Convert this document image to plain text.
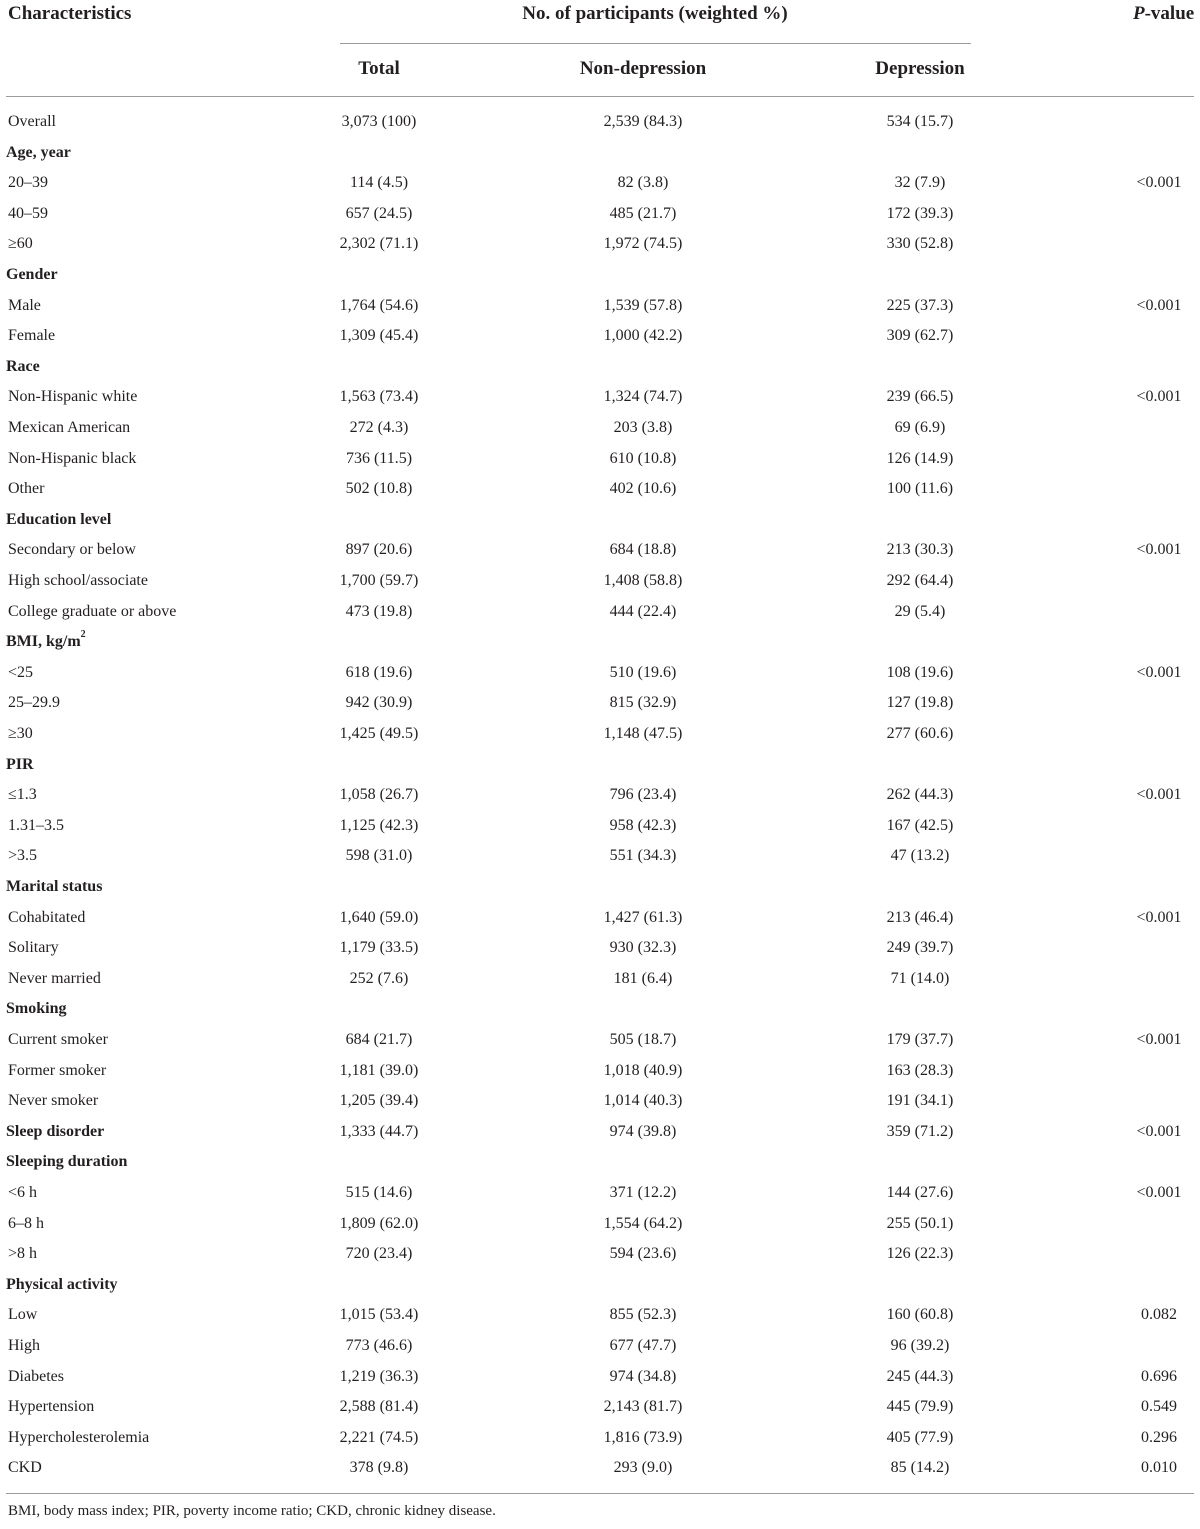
Characteristics	No. of participants (weighted %)	P-value
Total	Non-depression	Depression
Overall	3,073 (100)	2,539 (84.3)	534 (15.7)
Age, year
20–39	114 (4.5)	82 (3.8)	32 (7.9)	<0.001
40–59	657 (24.5)	485 (21.7)	172 (39.3)
≥60	2,302 (71.1)	1,972 (74.5)	330 (52.8)
Gender
Male	1,764 (54.6)	1,539 (57.8)	225 (37.3)	<0.001
Female	1,309 (45.4)	1,000 (42.2)	309 (62.7)
Race
Non-Hispanic white	1,563 (73.4)	1,324 (74.7)	239 (66.5)	<0.001
Mexican American	272 (4.3)	203 (3.8)	69 (6.9)
Non-Hispanic black	736 (11.5)	610 (10.8)	126 (14.9)
Other	502 (10.8)	402 (10.6)	100 (11.6)
Education level
Secondary or below	897 (20.6)	684 (18.8)	213 (30.3)	<0.001
High school/associate	1,700 (59.7)	1,408 (58.8)	292 (64.4)
College graduate or above	473 (19.8)	444 (22.4)	29 (5.4)
BMI, $kg/m^2$
<25	618 (19.6)	510 (19.6)	108 (19.6)	<0.001
25–29.9	942 (30.9)	815 (32.9)	127 (19.8)
≥30	1,425 (49.5)	1,148 (47.5)	277 (60.6)
PIR
≤1.3	1,058 (26.7)	796 (23.4)	262 (44.3)	<0.001
1.31–3.5	1,125 (42.3)	958 (42.3)	167 (42.5)
>3.5	598 (31.0)	551 (34.3)	47 (13.2)
Marital status
Cohabitated	1,640 (59.0)	1,427 (61.3)	213 (46.4)	<0.001
Solitary	1,179 (33.5)	930 (32.3)	249 (39.7)
Never married	252 (7.6)	181 (6.4)	71 (14.0)
Smoking
Current smoker	684 (21.7)	505 (18.7)	179 (37.7)	<0.001
Former smoker	1,181 (39.0)	1,018 (40.9)	163 (28.3)
Never smoker	1,205 (39.4)	1,014 (40.3)	191 (34.1)
Sleep disorder	1,333 (44.7)	974 (39.8)	359 (71.2)	<0.001
Sleeping duration
<6 h	515 (14.6)	371 (12.2)	144 (27.6)	<0.001
6–8 h	1,809 (62.0)	1,554 (64.2)	255 (50.1)
>8 h	720 (23.4)	594 (23.6)	126 (22.3)
Physical activity
Low	1,015 (53.4)	855 (52.3)	160 (60.8)	0.082
High	773 (46.6)	677 (47.7)	96 (39.2)
Diabetes	1,219 (36.3)	974 (34.8)	245 (44.3)	0.696
Hypertension	2,588 (81.4)	2,143 (81.7)	445 (79.9)	0.549
Hypercholesterolemia	2,221 (74.5)	1,816 (73.9)	405 (77.9)	0.296
CKD	378 (9.8)	293 (9.0)	85 (14.2)	0.010
BMI, body mass index; PIR, poverty income ratio; CKD, chronic kidney disease.
